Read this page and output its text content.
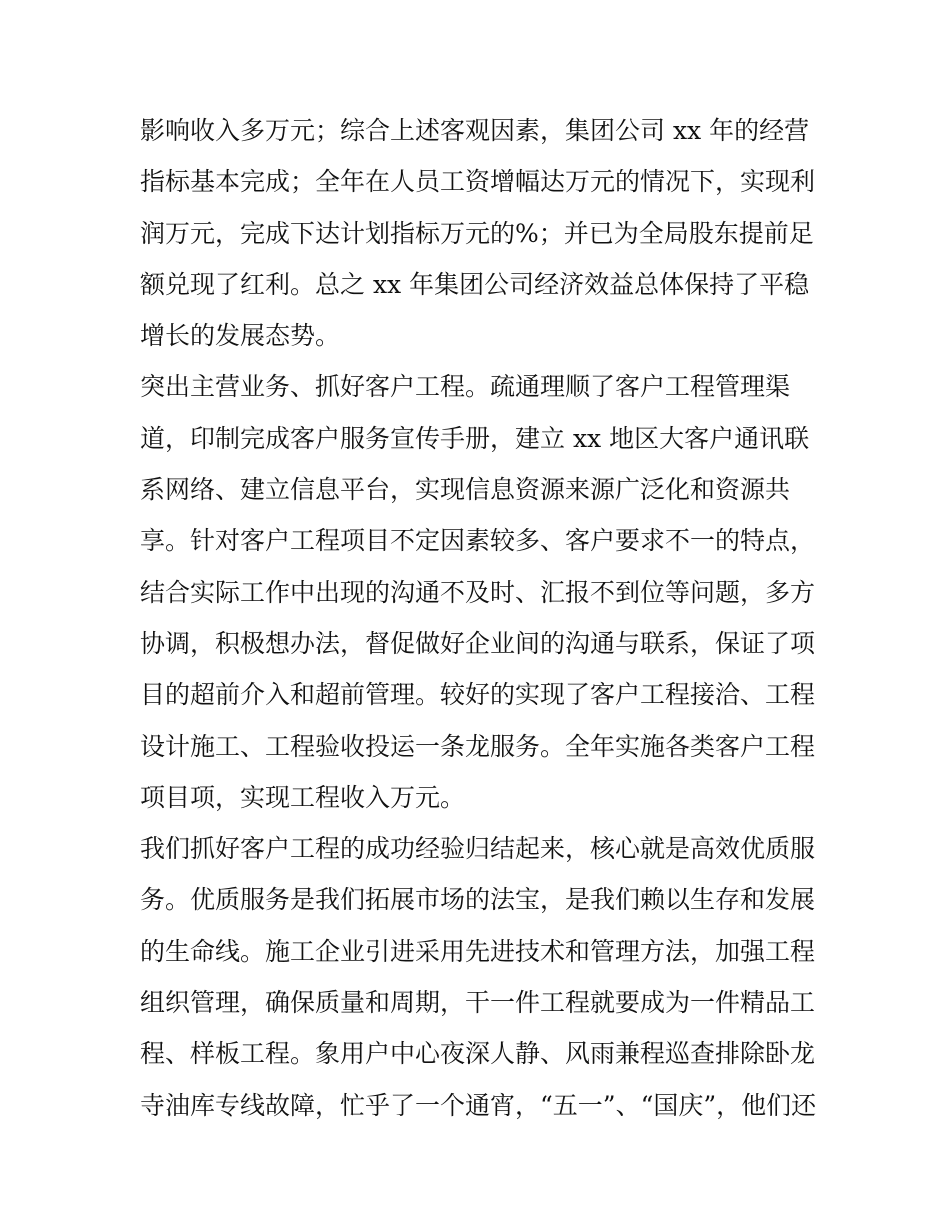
影响收入多万元；综合上述客观因素，集团公司 xx 年的经营
指标基本完成；全年在人员工资增幅达万元的情况下，实现利
润万元，完成下达计划指标万元的%；并已为全局股东提前足
额兑现了红利。总之 xx 年集团公司经济效益总体保持了平稳
增长的发展态势。
突出主营业务、抓好客户工程。疏通理顺了客户工程管理渠
道，印制完成客户服务宣传手册，建立 xx 地区大客户通讯联
系网络、建立信息平台，实现信息资源来源广泛化和资源共
享。针对客户工程项目不定因素较多、客户要求不一的特点，
结合实际工作中出现的沟通不及时、汇报不到位等问题，多方
协调，积极想办法，督促做好企业间的沟通与联系，保证了项
目的超前介入和超前管理。较好的实现了客户工程接洽、工程
设计施工、工程验收投运一条龙服务。全年实施各类客户工程
项目项，实现工程收入万元。
我们抓好客户工程的成功经验归结起来，核心就是高效优质服
务。优质服务是我们拓展市场的法宝，是我们赖以生存和发展
的生命线。施工企业引进采用先进技术和管理方法，加强工程
组织管理，确保质量和周期，干一件工程就要成为一件精品工
程、样板工程。象用户中心夜深人静、风雨兼程巡查排除卧龙
寺油库专线故障，忙乎了一个通宵，“五一”、“国庆”，他们还
